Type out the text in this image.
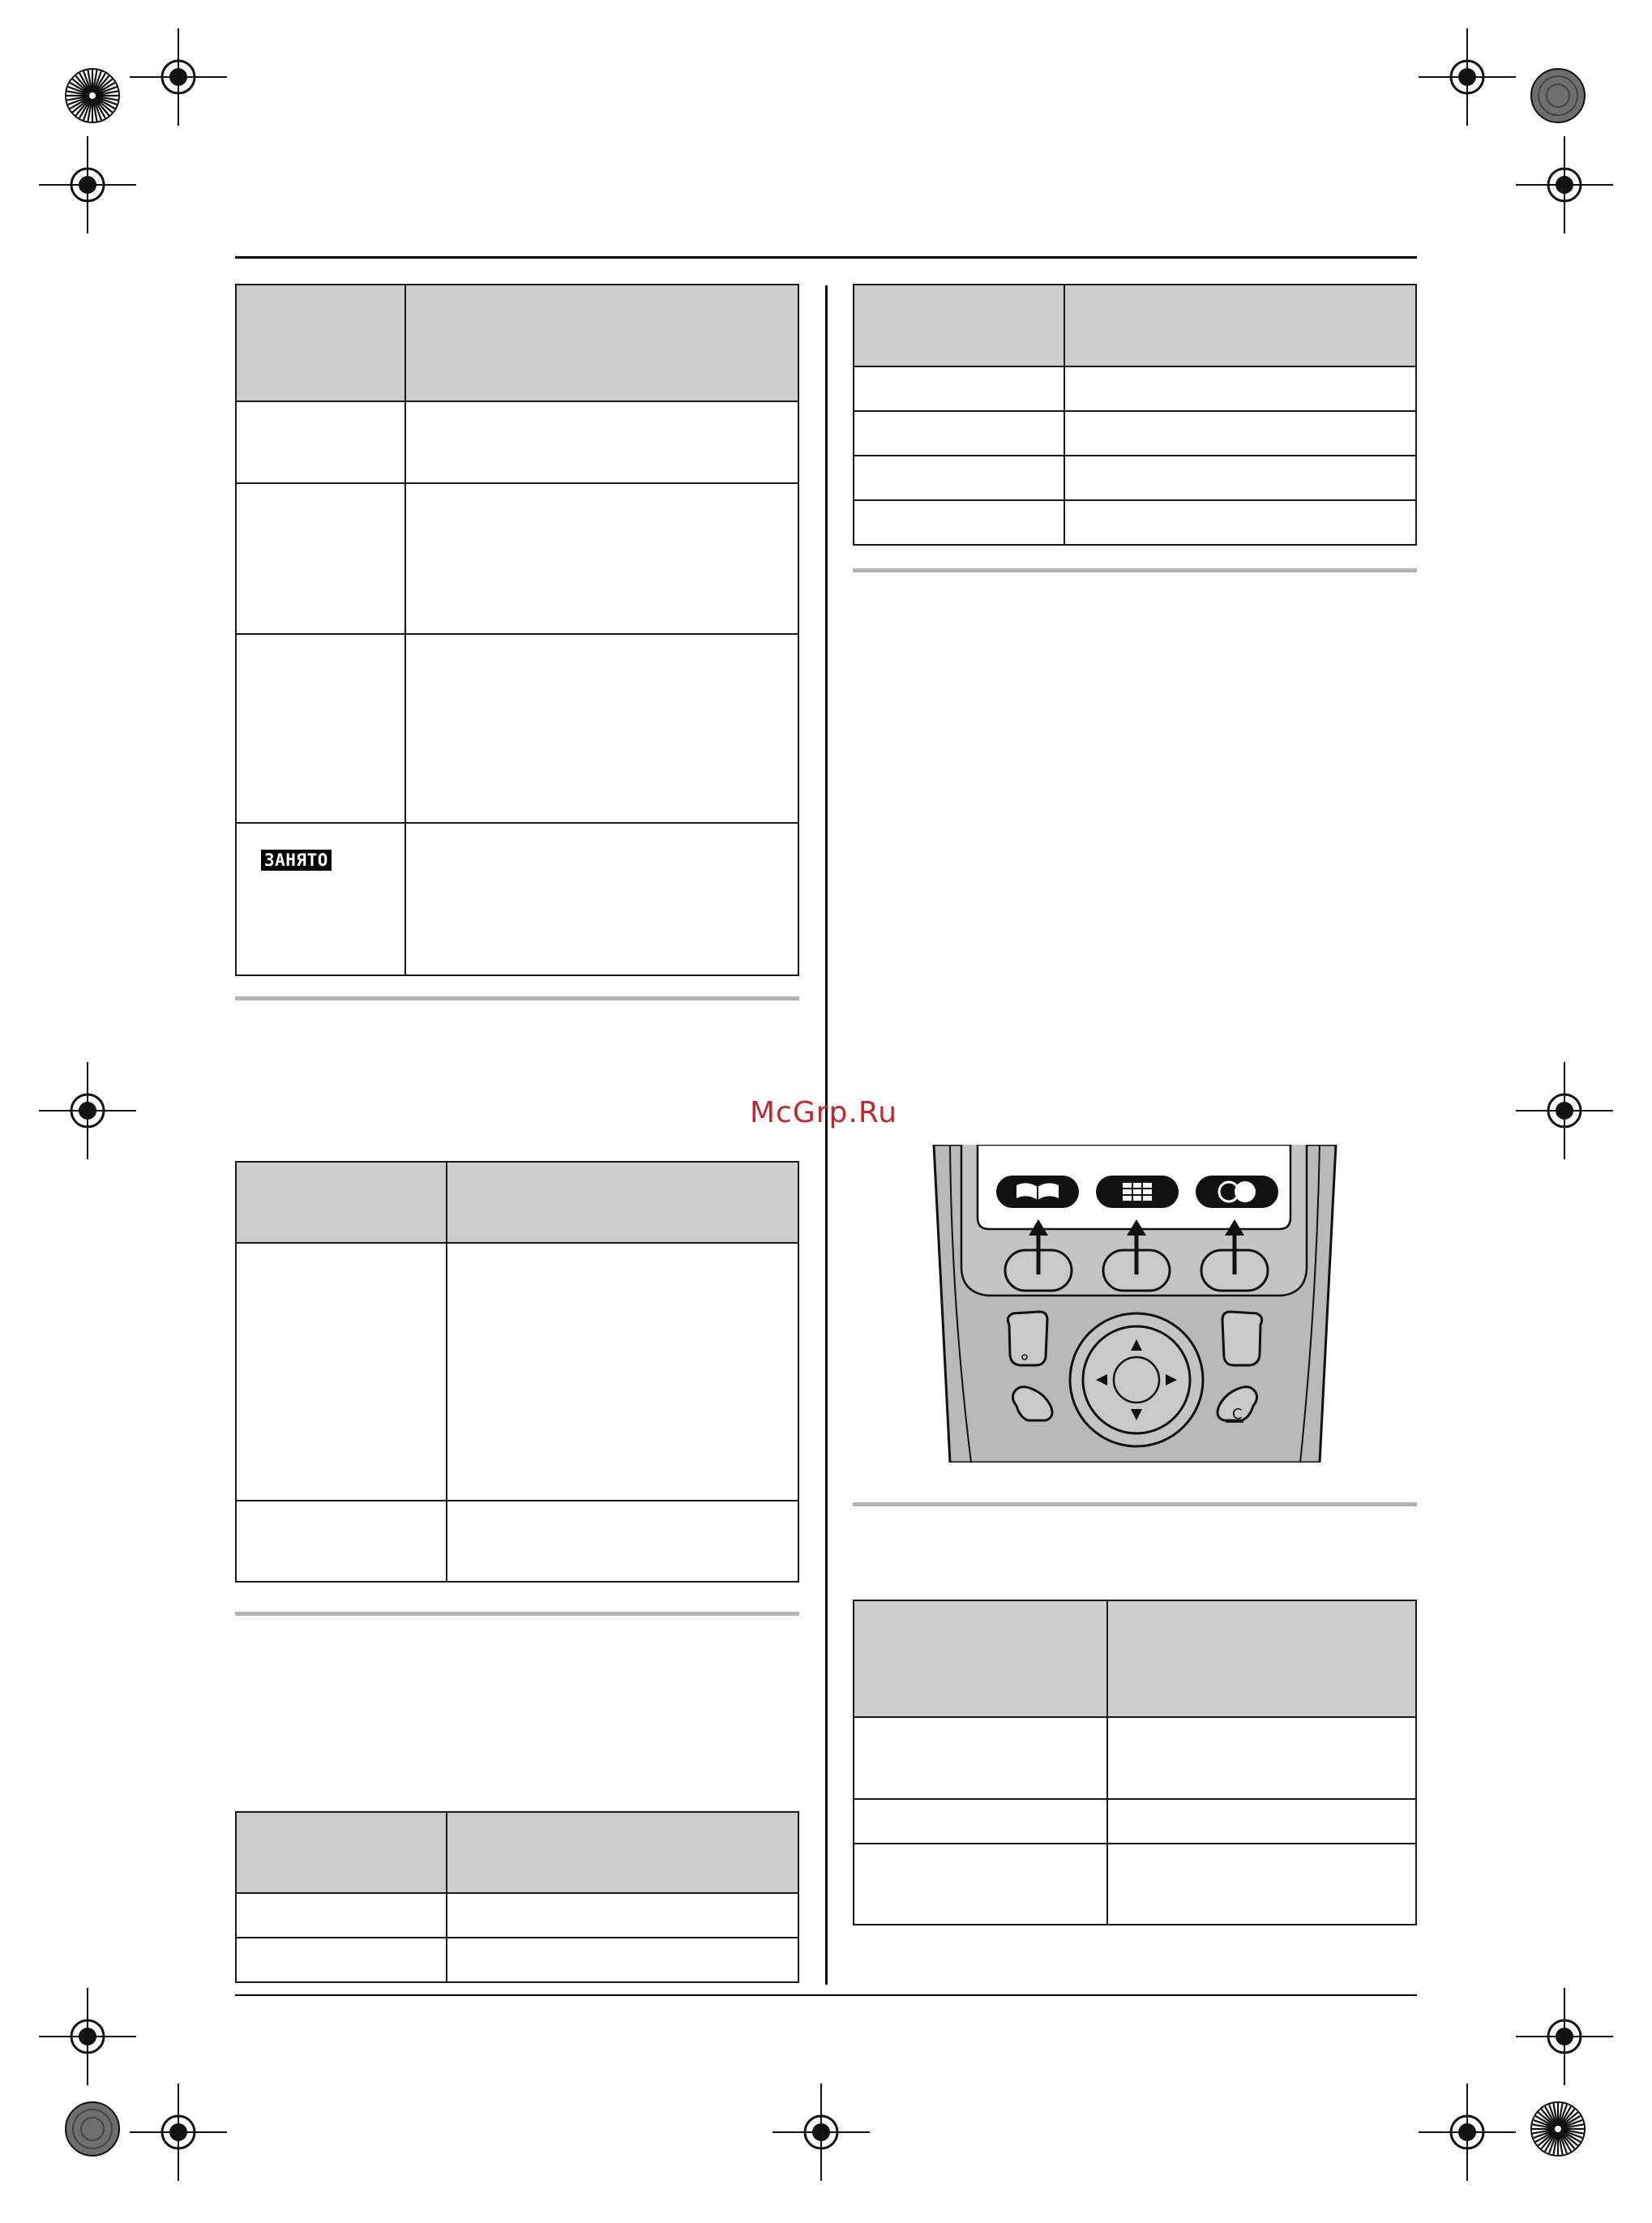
ЗАНЯТО	

McGrp.Ru
C
